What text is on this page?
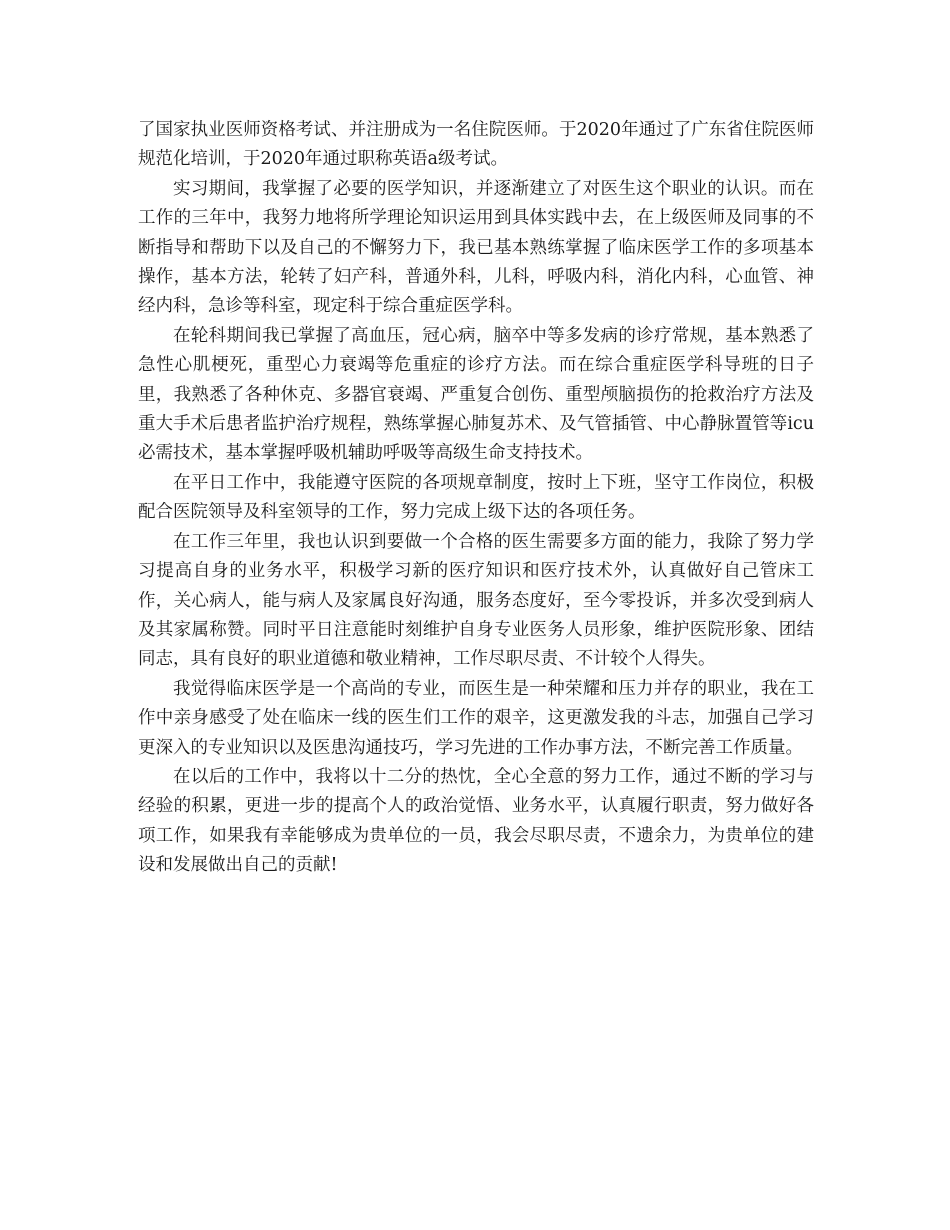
了国家执业医师资格考试、并注册成为一名住院医师。于2020年通过了广东省住院医师规范化培训，于2020年通过职称英语a级考试。

实习期间，我掌握了必要的医学知识，并逐渐建立了对医生这个职业的认识。而在工作的三年中，我努力地将所学理论知识运用到具体实践中去，在上级医师及同事的不断指导和帮助下以及自己的不懈努力下，我已基本熟练掌握了临床医学工作的多项基本操作，基本方法，轮转了妇产科，普通外科，儿科，呼吸内科，消化内科，心血管、神经内科，急诊等科室，现定科于综合重症医学科。

在轮科期间我已掌握了高血压，冠心病，脑卒中等多发病的诊疗常规，基本熟悉了急性心肌梗死，重型心力衰竭等危重症的诊疗方法。而在综合重症医学科导班的日子里，我熟悉了各种休克、多器官衰竭、严重复合创伤、重型颅脑损伤的抢救治疗方法及重大手术后患者监护治疗规程，熟练掌握心肺复苏术、及气管插管、中心静脉置管等icu必需技术，基本掌握呼吸机辅助呼吸等高级生命支持技术。

在平日工作中，我能遵守医院的各项规章制度，按时上下班，坚守工作岗位，积极配合医院领导及科室领导的工作，努力完成上级下达的各项任务。

在工作三年里，我也认识到要做一个合格的医生需要多方面的能力，我除了努力学习提高自身的业务水平，积极学习新的医疗知识和医疗技术外，认真做好自己管床工作，关心病人，能与病人及家属良好沟通，服务态度好，至今零投诉，并多次受到病人及其家属称赞。同时平日注意能时刻维护自身专业医务人员形象，维护医院形象、团结同志，具有良好的职业道德和敬业精神，工作尽职尽责、不计较个人得失。

我觉得临床医学是一个高尚的专业，而医生是一种荣耀和压力并存的职业，我在工作中亲身感受了处在临床一线的医生们工作的艰辛，这更激发我的斗志，加强自己学习更深入的专业知识以及医患沟通技巧，学习先进的工作办事方法，不断完善工作质量。

在以后的工作中，我将以十二分的热忱，全心全意的努力工作，通过不断的学习与经验的积累，更进一步的提高个人的政治觉悟、业务水平，认真履行职责，努力做好各项工作，如果我有幸能够成为贵单位的一员，我会尽职尽责，不遗余力，为贵单位的建设和发展做出自己的贡献!
